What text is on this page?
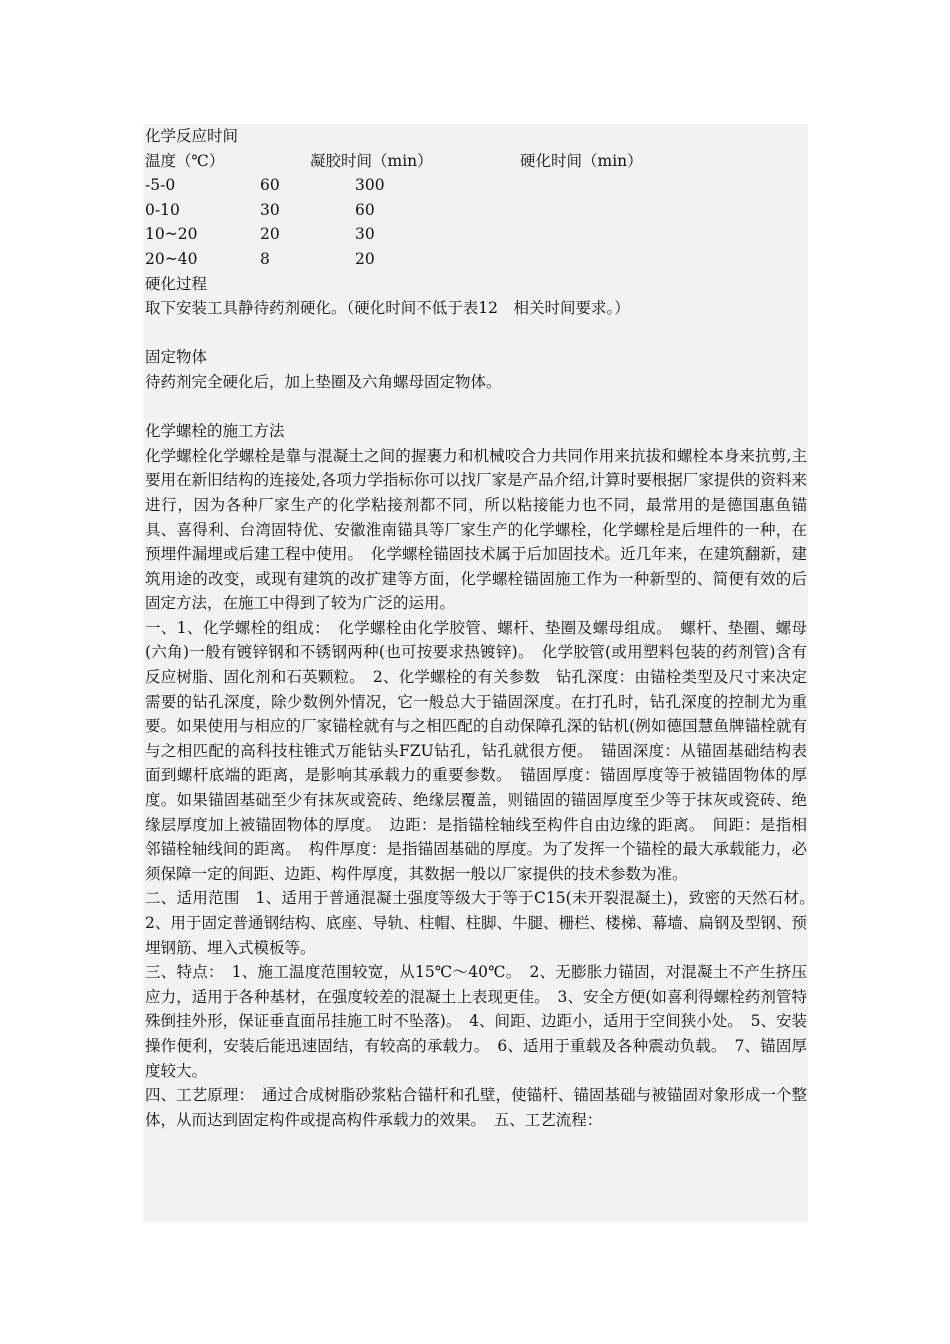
化学反应时间
温度（℃）	凝胶时间（min）	硬化时间（min）
-5-0	60	300
0-10	30	60
10~20	20	30
20~40	8	20
硬化过程
取下安装工具静待药剂硬化。（硬化时间不低于表12　相关时间要求。）
固定物体
待药剂完全硬化后，加上垫圈及六角螺母固定物体。
化学螺栓的施工方法
化学螺栓化学螺栓是靠与混凝土之间的握裹力和机械咬合力共同作用来抗拔和螺栓本身来抗剪,主要用在新旧结构的连接处,各项力学指标你可以找厂家是产品介绍,计算时要根据厂家提供的资料来进行，因为各种厂家生产的化学粘接剂都不同，所以粘接能力也不同，最常用的是德国惠鱼锚具、喜得利、台湾固特优、安徽淮南锚具等厂家生产的化学螺栓，化学螺栓是后埋件的一种，在预埋件漏埋或后建工程中使用。　化学螺栓锚固技术属于后加固技术。近几年来，在建筑翻新，建筑用途的改变，或现有建筑的改扩建等方面，化学螺栓锚固施工作为一种新型的、简便有效的后固定方法，在施工中得到了较为广泛的运用。
一、1、化学螺栓的组成：　化学螺栓由化学胶管、螺杆、垫圈及螺母组成。　螺杆、垫圈、螺母(六角)一般有镀锌钢和不锈钢两种(也可按要求热镀锌)。　化学胶管(或用塑料包装的药剂管)含有反应树脂、固化剂和石英颗粒。　2、化学螺栓的有关参数　钻孔深度：由锚栓类型及尺寸来决定需要的钻孔深度，除少数例外情况，它一般总大于锚固深度。在打孔时，钻孔深度的控制尤为重要。如果使用与相应的厂家锚栓就有与之相匹配的自动保障孔深的钻机(例如德国慧鱼牌锚栓就有与之相匹配的高科技柱锥式万能钻头FZU钻孔，钻孔就很方便。　锚固深度：从锚固基础结构表面到螺杆底端的距离，是影响其承载力的重要参数。　锚固厚度：锚固厚度等于被锚固物体的厚度。如果锚固基础至少有抹灰或瓷砖、绝缘层覆盖，则锚固的锚固厚度至少等于抹灰或瓷砖、绝缘层厚度加上被锚固物体的厚度。　边距：是指锚栓轴线至构件自由边缘的距离。　间距：是指相邻锚栓轴线间的距离。　构件厚度：是指锚固基础的厚度。为了发挥一个锚栓的最大承载能力，必须保障一定的间距、边距、构件厚度，其数据一般以厂家提供的技术参数为准。
二、适用范围　1、适用于普通混凝土强度等级大于等于C15(未开裂混凝土)，致密的天然石材。　2、用于固定普通钢结构、底座、导轨、柱帽、柱脚、牛腿、栅栏、楼梯、幕墙、扁钢及型钢、预埋钢筋、埋入式模板等。
三、特点：　1、施工温度范围较宽，从15℃～40℃。　2、无膨胀力锚固，对混凝土不产生挤压应力，适用于各种基材，在强度较差的混凝土上表现更佳。　3、安全方便(如喜利得螺栓药剂管特殊倒挂外形，保证垂直面吊挂施工时不坠落)。　4、间距、边距小，适用于空间狭小处。　5、安装操作便利，安装后能迅速固结，有较高的承载力。　6、适用于重载及各种震动负载。　7、锚固厚度较大。
四、工艺原理：　通过合成树脂砂浆粘合锚杆和孔壁，使锚杆、锚固基础与被锚固对象形成一个整体，从而达到固定构件或提高构件承载力的效果。　五、工艺流程：
